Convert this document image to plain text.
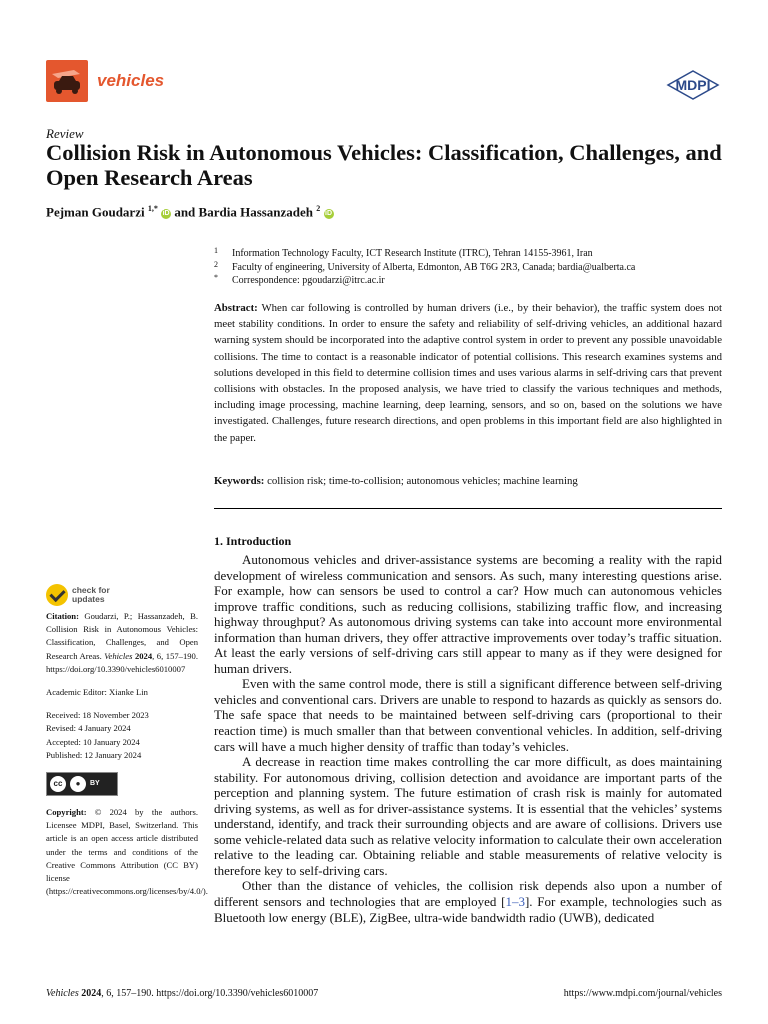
vehicles	MDPI
Review
Collision Risk in Autonomous Vehicles: Classification, Challenges, and Open Research Areas
Pejman Goudarzi $^{1,*}$ iD and Bardia Hassanzadeh $^2$ iD
1 Information Technology Faculty, ICT Research Institute (ITRC), Tehran 14155-3961, Iran
2 Faculty of engineering, University of Alberta, Edmonton, AB T6G 2R3, Canada; bardia@ualberta.ca
* Correspondence: pgoudarzi@itrc.ac.ir
Abstract: When car following is controlled by human drivers (i.e., by their behavior), the traffic system does not meet stability conditions. In order to ensure the safety and reliability of self-driving vehicles, an additional hazard warning system should be incorporated into the adaptive control system in order to prevent any possible unavoidable collisions. The time to contact is a reasonable indicator of potential collisions. This research examines systems and solutions developed in this field to determine collision times and uses various alarms in self-driving cars that prevent collisions with obstacles. In the proposed analysis, we have tried to classify the various techniques and methods, including image processing, machine learning, deep learning, sensors, and so on, based on the solutions we have investigated. Challenges, future research directions, and open problems in this important field are also highlighted in the paper.
Keywords: collision risk; time-to-collision; autonomous vehicles; machine learning
1. Introduction

Autonomous vehicles and driver-assistance systems are becoming a reality with the rapid development of wireless communication and sensors. As such, many interesting questions arise. For example, how can sensors be used to control a car? How much can autonomous vehicles improve traffic conditions, such as reducing collisions, stabilizing traffic flow, and increasing highway throughput? As autonomous driving systems can take into account more environmental information than human drivers, they offer attractive improvements over today’s traffic situation. At least the early versions of self-driving cars still appear to many as if they were designed for human drivers.

Even with the same control mode, there is still a significant difference between self-driving vehicles and conventional cars. Drivers are unable to respond to hazards as quickly as sensors do. The safe space that needs to be maintained between self-driving cars (proportional to their reaction time) is much smaller than that between conventional vehicles. In addition, self-driving cars will have a much higher density of traffic than today’s vehicles.

A decrease in reaction time makes controlling the car more difficult, as does maintaining stability. For autonomous driving, collision detection and avoidance are important parts of the perception and planning system. The future estimation of crash risk is mainly for automated driving systems, as well as for driver-assistance systems. It is essential that the vehicles’ systems understand, identify, and track their surrounding objects and are aware of collisions. Drivers use some vehicle-related data such as relative velocity information to calculate their own acceleration relative to the leading car. Obtaining reliable and stable measurements of relative velocity is therefore key to self-driving cars.

Other than the distance of vehicles, the collision risk depends also upon a number of different sensors and technologies that are employed [1–3]. For example, technologies such as Bluetooth low energy (BLE), ZigBee, ultra-wide bandwidth radio (UWB), dedicated

check for
updates
Citation: Goudarzi, P.; Hassanzadeh, B. Collision Risk in Autonomous Vehicles: Classification, Challenges, and Open Research Areas. Vehicles 2024, 6, 157–190. https://doi.org/10.3390/vehicles6010007
Academic Editor: Xianke Lin
Received: 18 November 2023
Revised: 4 January 2024
Accepted: 10 January 2024
Published: 12 January 2024
cc	●	BY
Copyright: © 2024 by the authors. Licensee MDPI, Basel, Switzerland. This article is an open access article distributed under the terms and conditions of the Creative Commons Attribution (CC BY) license (https://creativecommons.org/licenses/by/4.0/).
Vehicles 2024, 6, 157–190. https://doi.org/10.3390/vehicles6010007	https://www.mdpi.com/journal/vehicles
